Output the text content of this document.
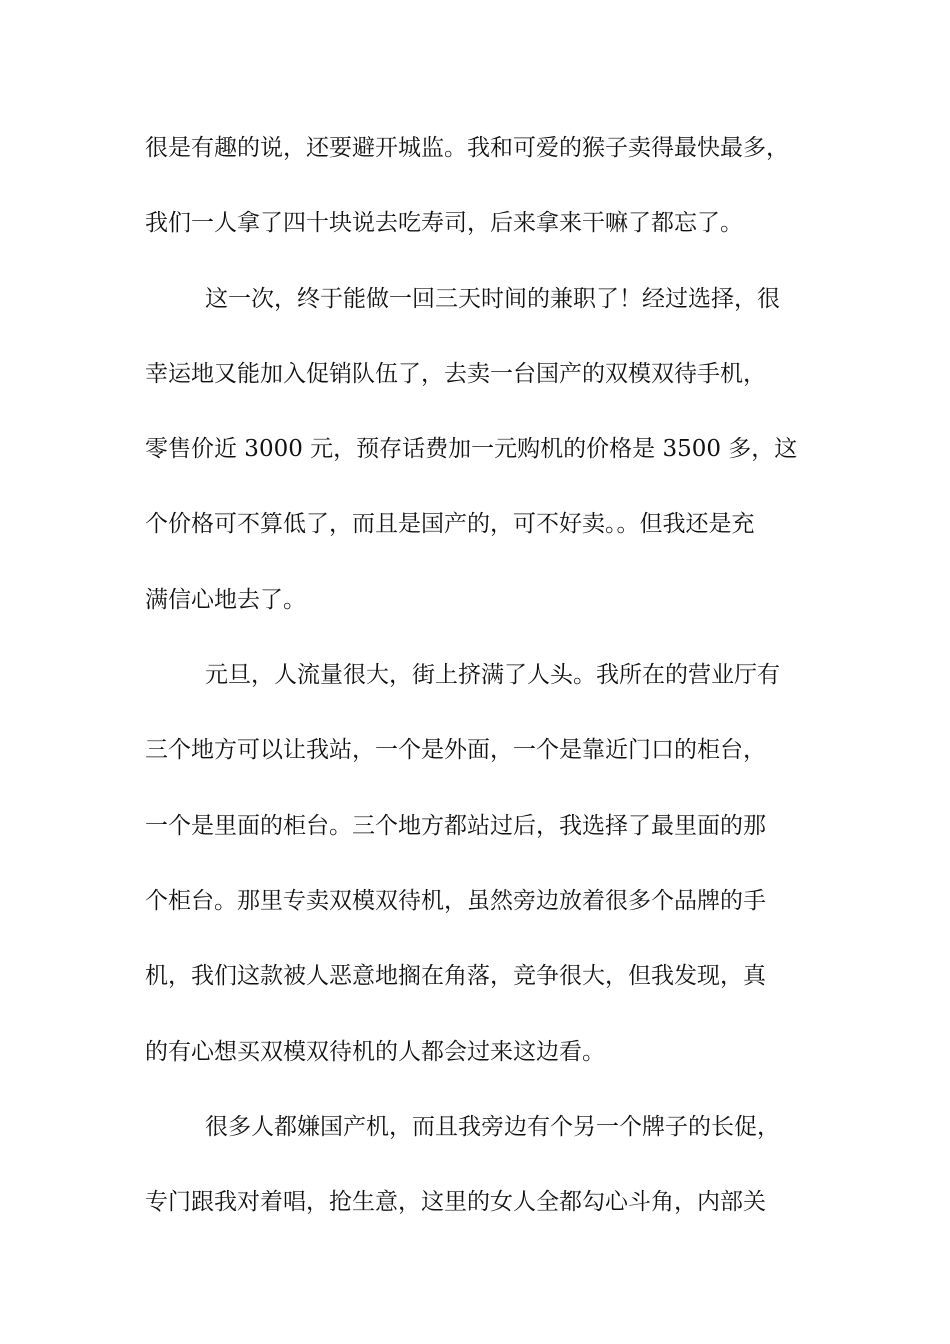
很是有趣的说，还要避开城监。我和可爱的猴子卖得最快最多，
我们一人拿了四十块说去吃寿司，后来拿来干嘛了都忘了。
这一次，终于能做一回三天时间的兼职了！经过选择，很
幸运地又能加入促销队伍了，去卖一台国产的双模双待手机，
零售价近 3000 元，预存话费加一元购机的价格是 3500 多，这
个价格可不算低了，而且是国产的，可不好卖。。但我还是充
满信心地去了。
元旦，人流量很大，街上挤满了人头。我所在的营业厅有
三个地方可以让我站，一个是外面，一个是靠近门口的柜台，
一个是里面的柜台。三个地方都站过后，我选择了最里面的那
个柜台。那里专卖双模双待机，虽然旁边放着很多个品牌的手
机，我们这款被人恶意地搁在角落，竞争很大，但我发现，真
的有心想买双模双待机的人都会过来这边看。
很多人都嫌国产机，而且我旁边有个另一个牌子的长促，
专门跟我对着唱，抢生意，这里的女人全都勾心斗角，内部关
